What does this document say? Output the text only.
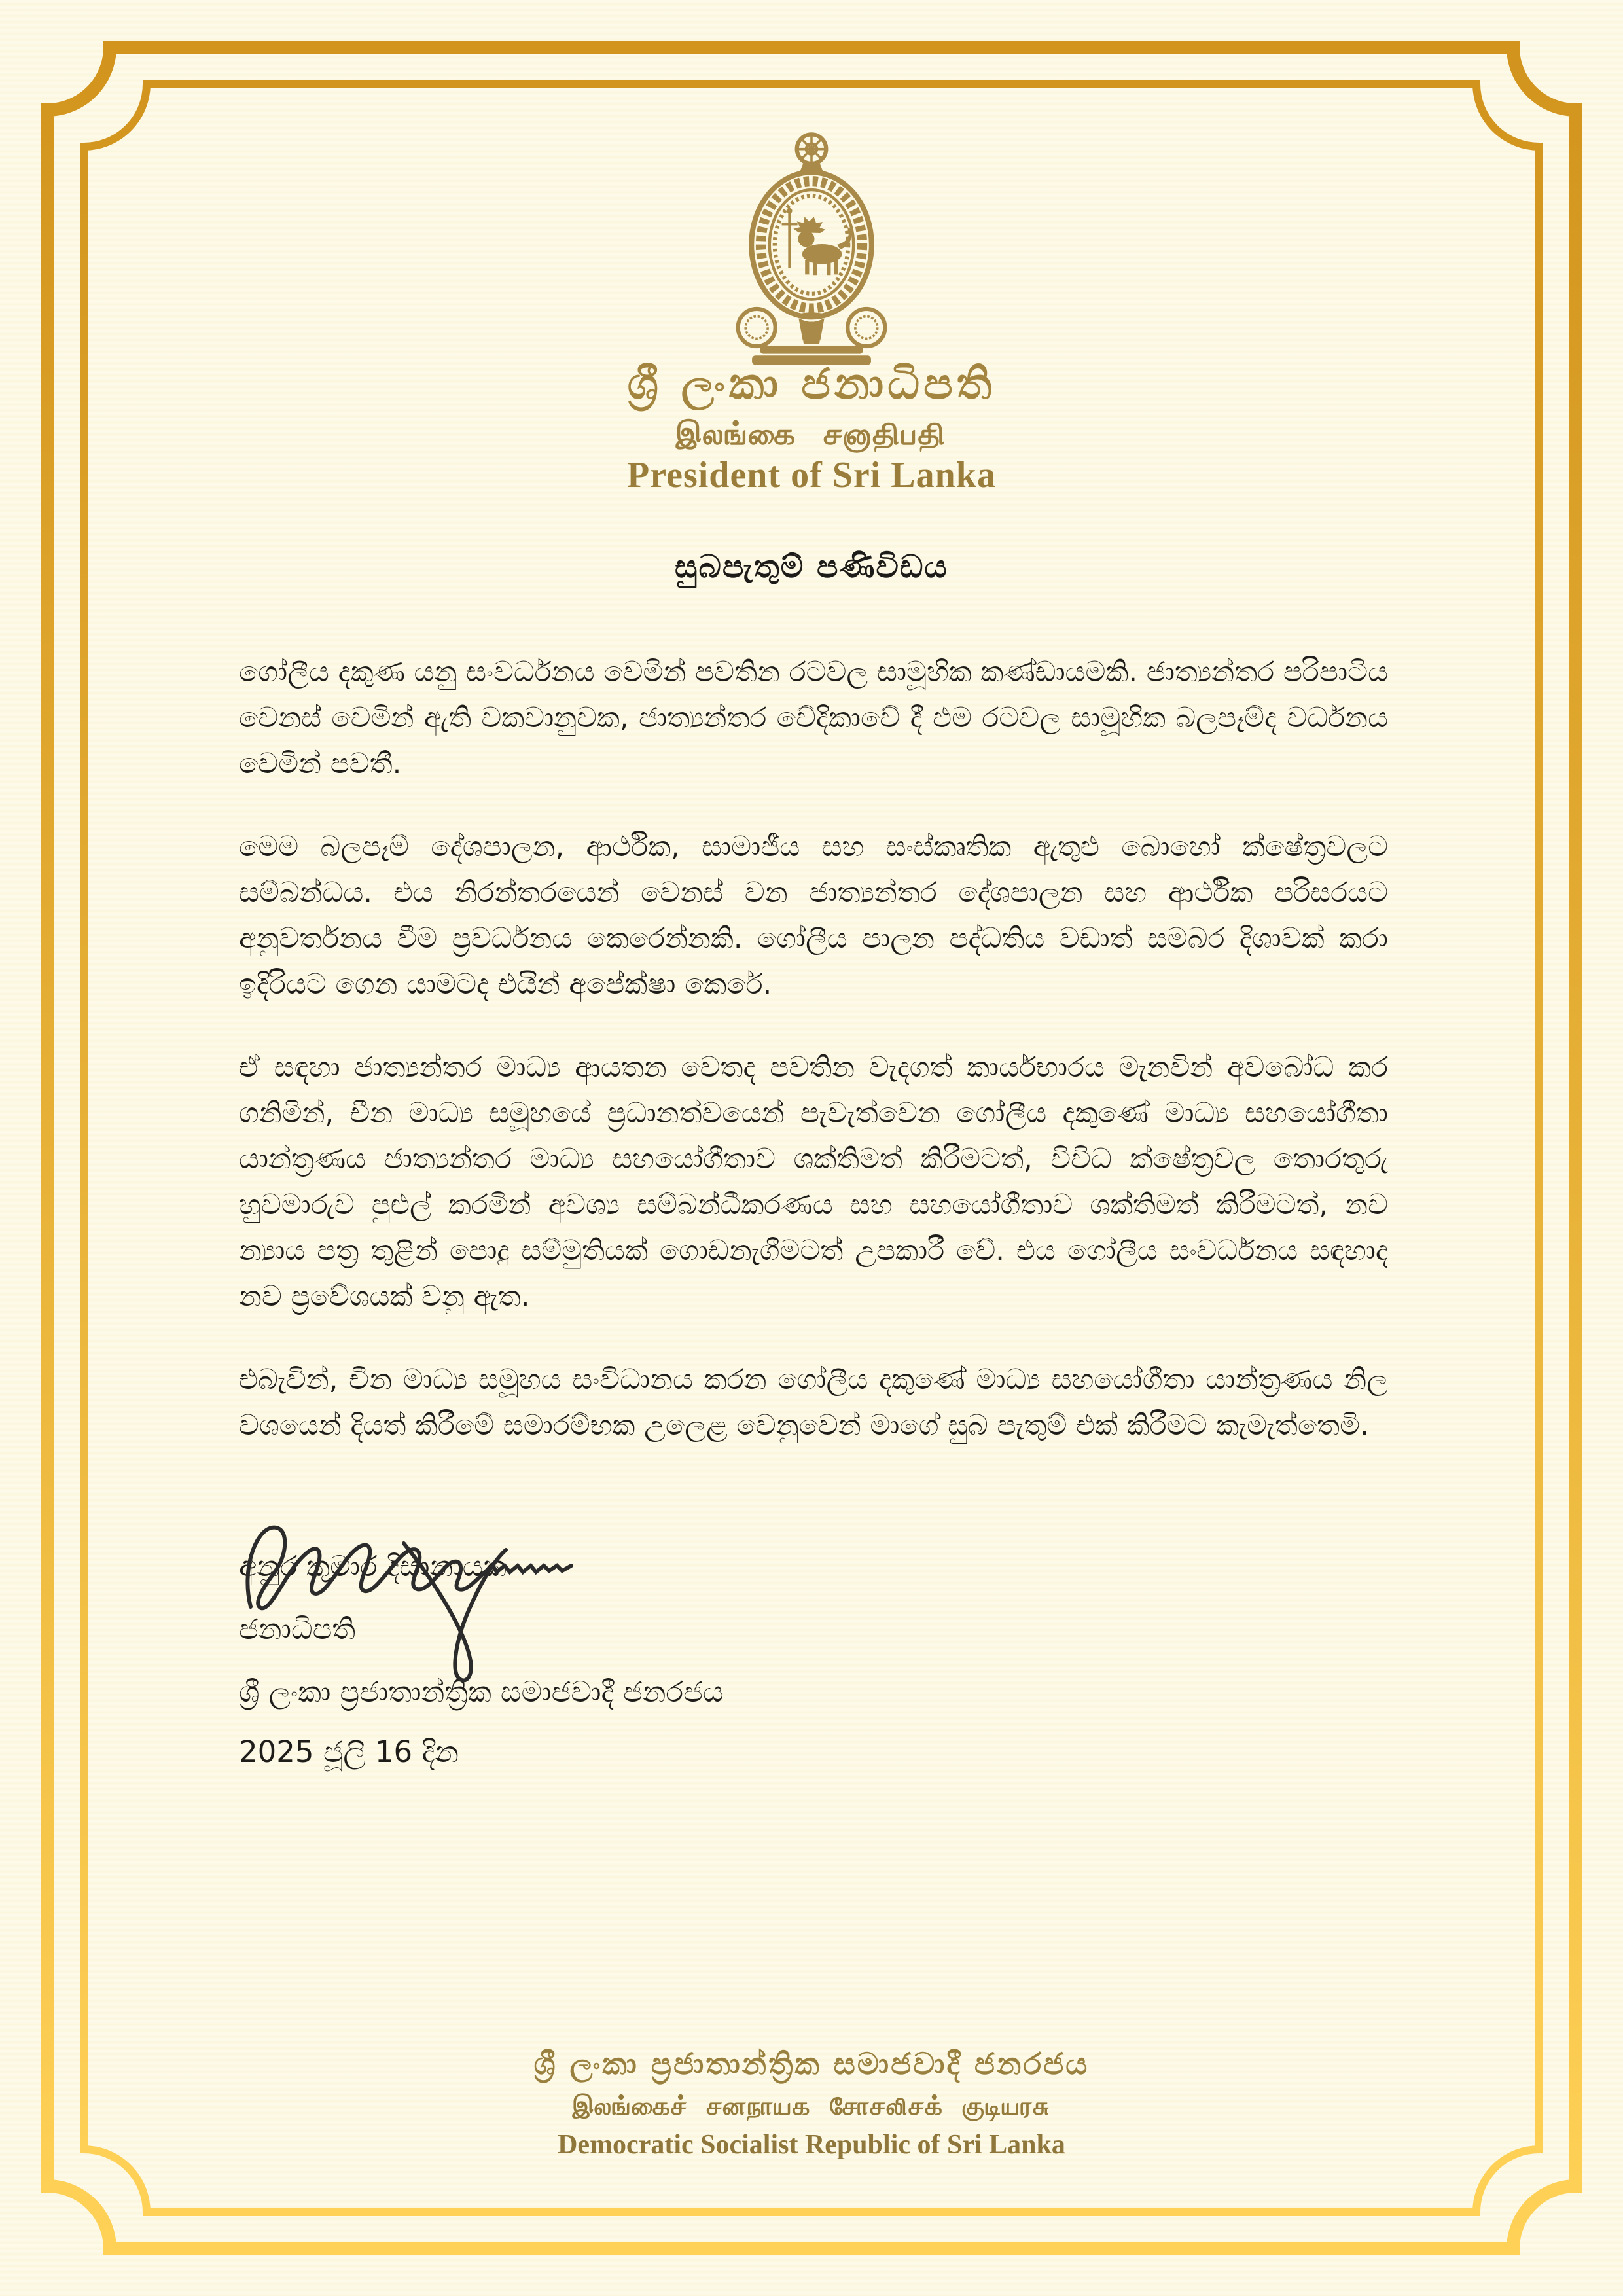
ශ්‍රී ලංකා ජනාධිපති
இலங்கை சனாதிபதி
President of Sri Lanka
සුබපැතුම් පණිවිඩය

ගෝලීය දකුණ යනු සංවර්ධනය වෙමින් පවතින රටවල සාමූහික කණ්ඩායමකි. ජාත්‍යන්තර පරිපාටිය වෙනස් වෙමින් ඇති වකවානුවක, ජාත්‍යන්තර වේදිකාවේ දී එම රටවල සාමූහික බලපෑම්ද වර්ධනය වෙමින් පවතී.

මෙම බලපෑම් දේශපාලන, ආර්ථික, සාමාජීය සහ සංස්කෘතික ඇතුළු බොහෝ ක්ෂේත්‍රවලට සම්බන්ධය. එය නිරන්තරයෙන් වෙනස් වන ජාත්‍යන්තර දේශපාලන සහ ආර්ථික පරිසරයට අනුවර්තනය වීම ප්‍රවර්ධනය කෙරෙන්නකි. ගෝලීය පාලන පද්ධතිය වඩාත් සමබර දිශාවක් කරා ඉදිරියට ගෙන යාමටද එයින් අපේක්ෂා කෙරේ.

ඒ සඳහා ජාත්‍යන්තර මාධ්‍ය ආයතන වෙතද පවතින වැදගත් කාර්යභාරය මැනවින් අවබෝධ කර ගනිමින්, චීන මාධ්‍ය සමූහයේ ප්‍රධානත්වයෙන් පැවැත්වෙන ගෝලීය දකුණේ මාධ්‍ය සහයෝගීතා යාන්ත්‍රණය ජාත්‍යන්තර මාධ්‍ය සහයෝගීතාව ශක්තිමත් කිරීමටත්, විවිධ ක්ෂේත්‍රවල තොරතුරු හුවමාරුව පුළුල් කරමින් අවශ්‍ය සම්බන්ධීකරණය සහ සහයෝගීතාව ශක්තිමත් කිරීමටත්, නව න්‍යාය පත්‍ර තුළින් පොදු සම්මුතියක් ගොඩනැගීමටත් උපකාරී වේ. එය ගෝලීය සංවර්ධනය සඳහාද නව ප්‍රවේශයක් වනු ඇත.

එබැවින්, චීන මාධ්‍ය සමූහය සංවිධානය කරන ගෝලීය දකුණේ මාධ්‍ය සහයෝගීතා යාන්ත්‍රණය නිල වශයෙන් දියත් කිරීමේ සමාරම්භක උලෙළ වෙනුවෙන් මාගේ සුබ පැතුම් එක් කිරීමට කැමැත්තෙමි.

අනුර කුමාර දිසානායක
ජනාධිපති
ශ්‍රී ලංකා ප්‍රජාතාන්ත්‍රික සමාජවාදී ජනරජය
2025 ජූලි 16 දින

ශ්‍රී ලංකා ප්‍රජාතාන්ත්‍රික සමාජවාදී ජනරජය

இலங்கைச் சனநாயக சோசலிசக் குடியரசு

Democratic Socialist Republic of Sri Lanka
